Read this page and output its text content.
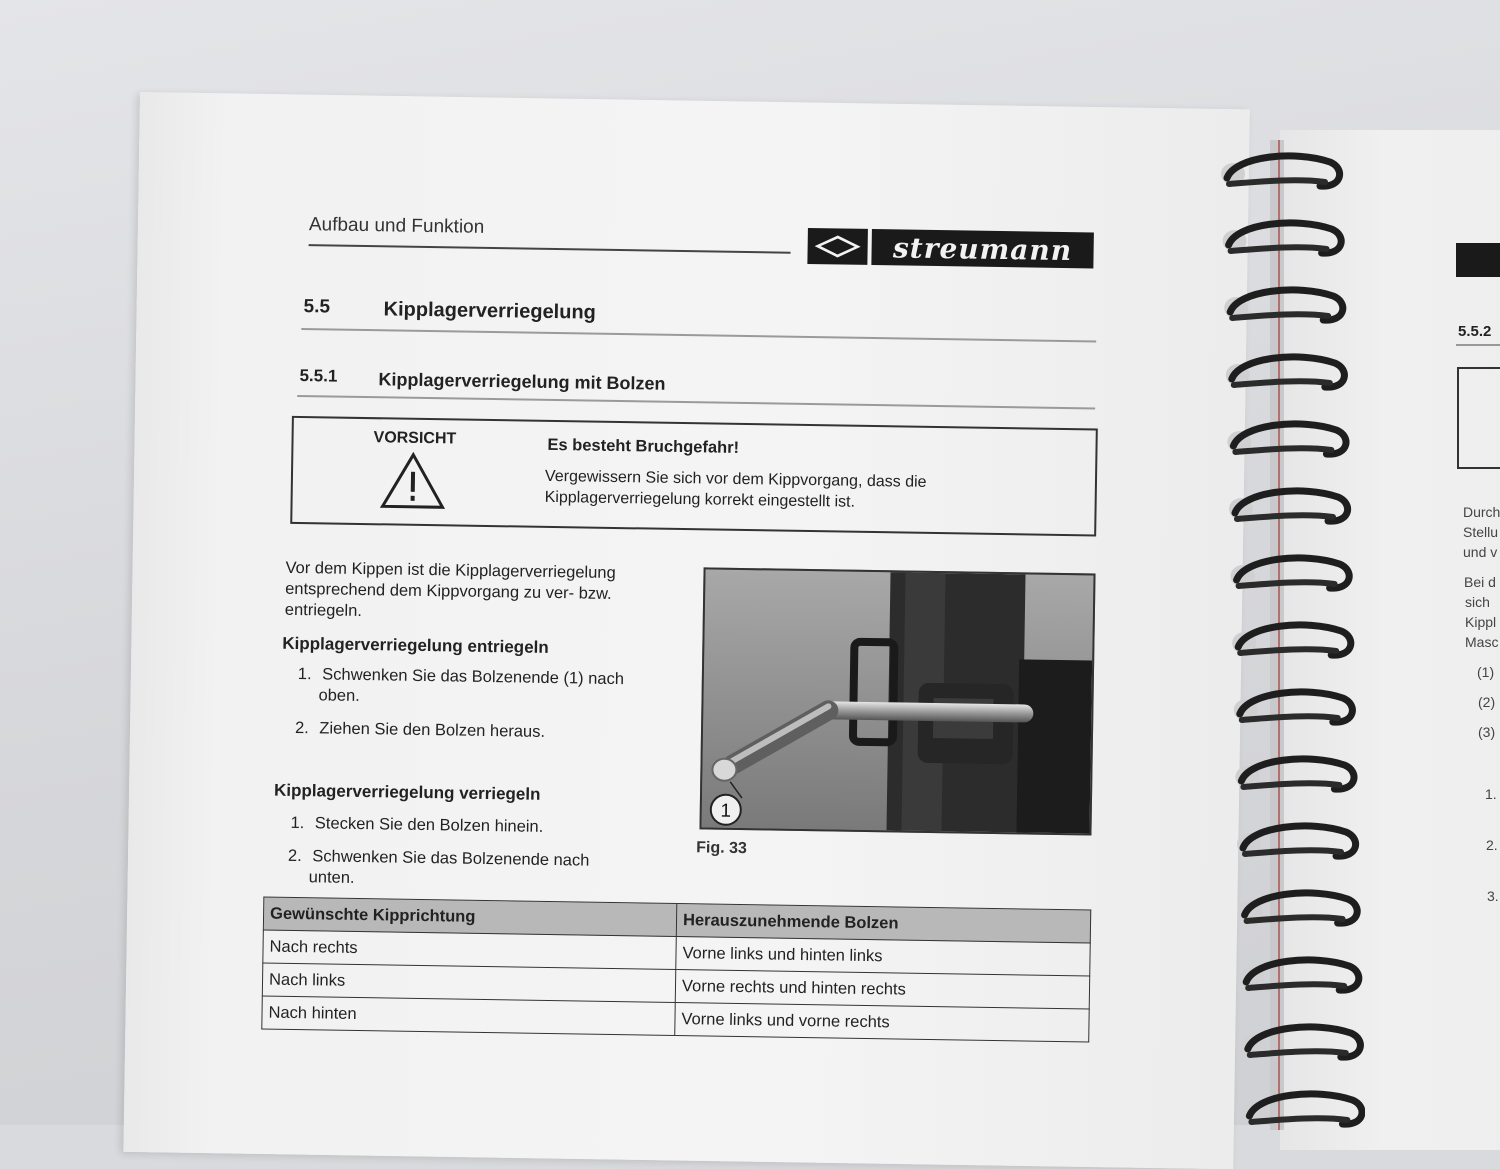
5.5.2
Durch
Stellu
und v
Bei d
sich
Kippl
Masc
(1)
(2)
(3)
1.
2.
3.
Aufbau und Funktion
streumann
5.5	Kipplagerverriegelung
5.5.1 Kipplagerverriegelung mit Bolzen
VORSICHT	Es besteht Bruchgefahr!
Vergewissern Sie sich vor dem Kippvorgang, dass die
Kipplagerverriegelung korrekt eingestellt ist.
Vor dem Kippen ist die Kipplagerverriegelung
entsprechend dem Kippvorgang zu ver- bzw.
entriegeln.
Kipplagerverriegelung entriegeln
1. Schwenken Sie das Bolzenende (1) nach
oben.
2. Ziehen Sie den Bolzen heraus.
Kipplagerverriegelung verriegeln
1. Stecken Sie den Bolzen hinein.
2. Schwenken Sie das Bolzenende nach
unten.
1
Fig. 33
Gewünschte Kipprichtung	Herauszunehmende Bolzen
Nach rechts	Vorne links und hinten links
Nach links	Vorne rechts und hinten rechts
Nach hinten	Vorne links und vorne rechts
